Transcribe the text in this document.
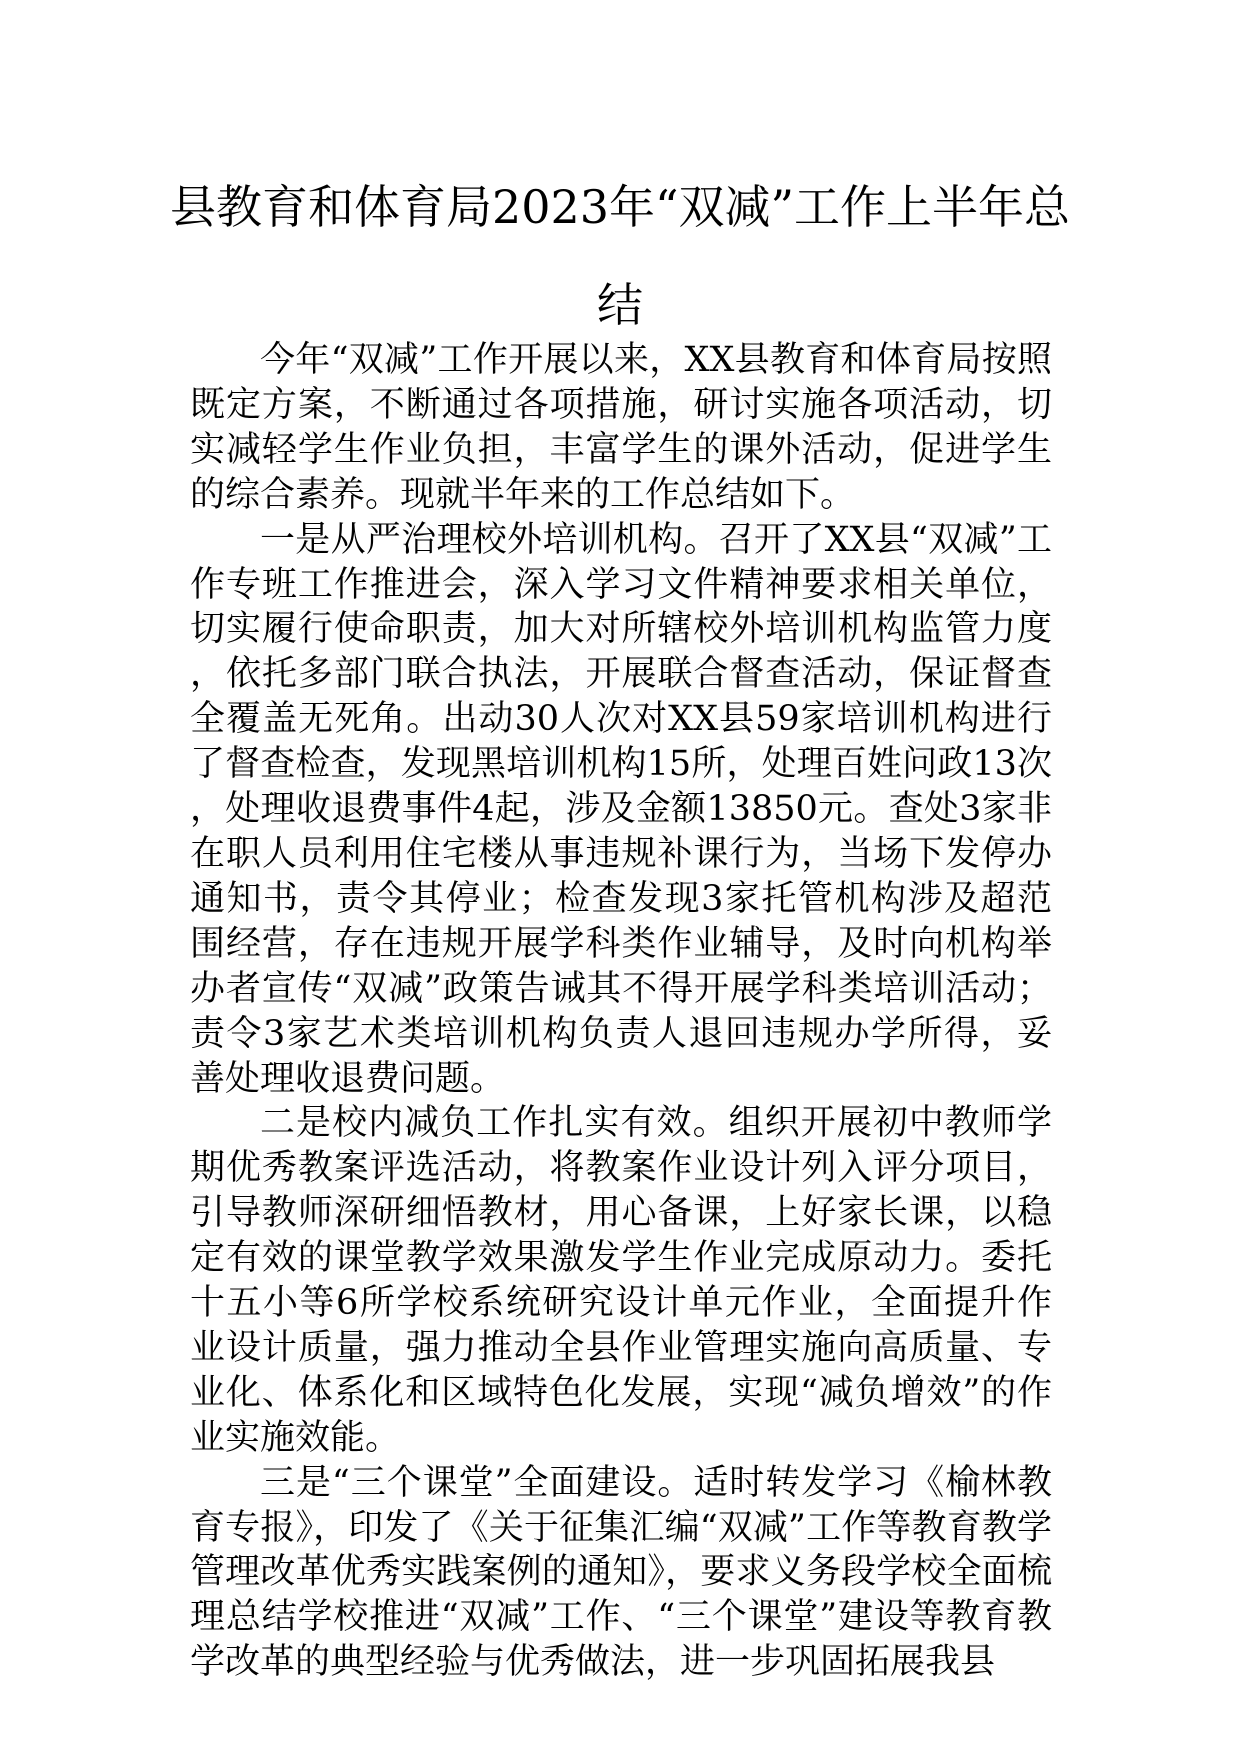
县教育和体育局2023年“双减”工作上半年总结

今年“双减”工作开展以来，XX县教育和体育局按照既定方案，不断通过各项措施，研讨实施各项活动，切实减轻学生作业负担，丰富学生的课外活动，促进学生的综合素养。现就半年来的工作总结如下。

一是从严治理校外培训机构。召开了XX县“双减”工作专班工作推进会，深入学习文件精神要求相关单位，切实履行使命职责，加大对所辖校外培训机构监管力度，依托多部门联合执法，开展联合督查活动，保证督查全覆盖无死角。出动30人次对XX县59家培训机构进行了督查检查，发现黑培训机构15所，处理百姓问政13次，处理收退费事件4起，涉及金额13850元。查处3家非在职人员利用住宅楼从事违规补课行为，当场下发停办通知书，责令其停业；检查发现3家托管机构涉及超范围经营，存在违规开展学科类作业辅导，及时向机构举办者宣传“双减”政策告诫其不得开展学科类培训活动；责令3家艺术类培训机构负责人退回违规办学所得，妥善处理收退费问题。

二是校内减负工作扎实有效。组织开展初中教师学期优秀教案评选活动，将教案作业设计列入评分项目，引导教师深研细悟教材，用心备课，上好家长课，以稳定有效的课堂教学效果激发学生作业完成原动力。委托十五小等6所学校系统研究设计单元作业，全面提升作业设计质量，强力推动全县作业管理实施向高质量、专业化、体系化和区域特色化发展，实现“减负增效”的作业实施效能。

三是“三个课堂”全面建设。适时转发学习《榆林教育专报》，印发了《关于征集汇编“双减”工作等教育教学管理改革优秀实践案例的通知》，要求义务段学校全面梳理总结学校推进“双减”工作、“三个课堂”建设等教育教学改革的典型经验与优秀做法，进一步巩固拓展我县
